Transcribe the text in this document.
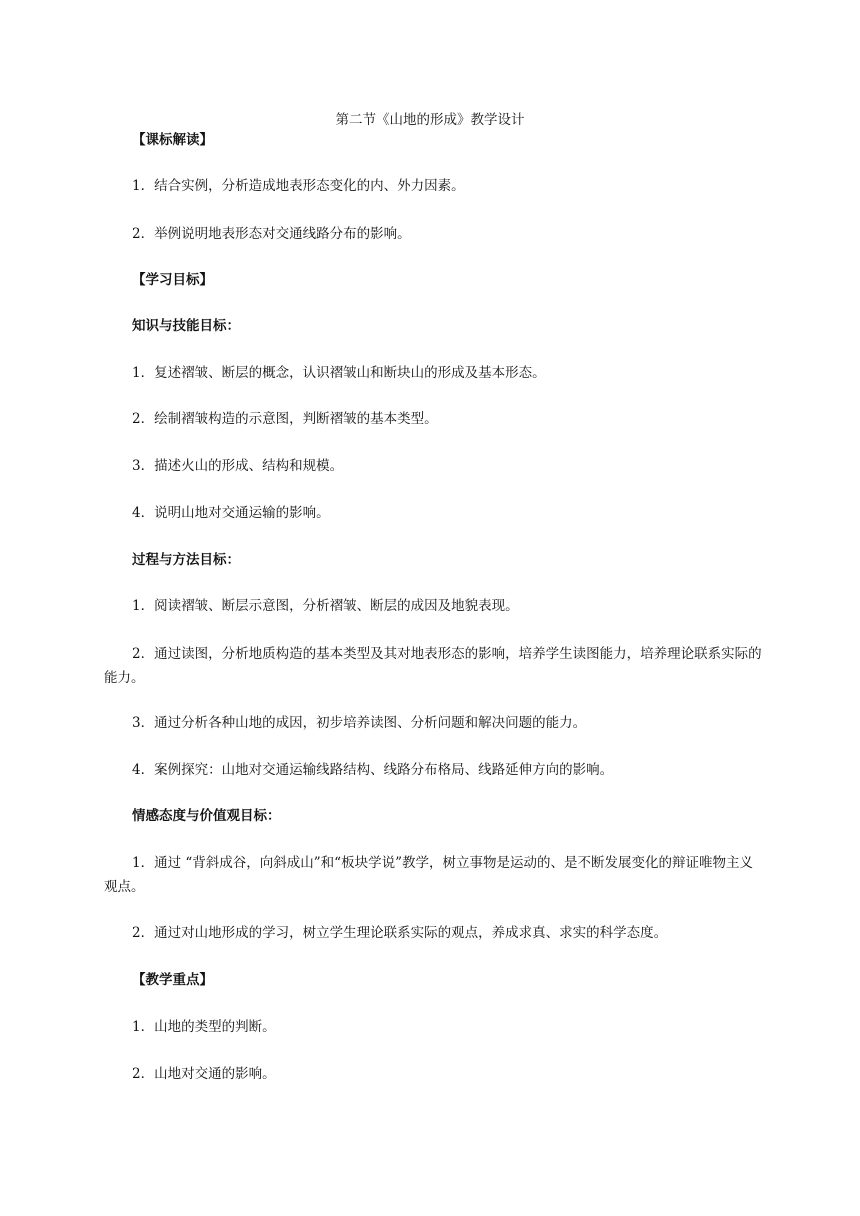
第二节《山地的形成》教学设计
【课标解读】
1．结合实例，分析造成地表形态变化的内、外力因素。
2．举例说明地表形态对交通线路分布的影响。
【学习目标】
知识与技能目标：
1．复述褶皱、断层的概念，认识褶皱山和断块山的形成及基本形态。
2．绘制褶皱构造的示意图，判断褶皱的基本类型。
3．描述火山的形成、结构和规模。
4．说明山地对交通运输的影响。
过程与方法目标：
1．阅读褶皱、断层示意图，分析褶皱、断层的成因及地貌表现。
2．通过读图，分析地质构造的基本类型及其对地表形态的影响，培养学生读图能力，培养理论联系实际的能力。
3．通过分析各种山地的成因，初步培养读图、分析问题和解决问题的能力。
4．案例探究：山地对交通运输线路结构、线路分布格局、线路延伸方向的影响。
情感态度与价值观目标：
1．通过 “背斜成谷，向斜成山”和“板块学说”教学，树立事物是运动的、是不断发展变化的辩证唯物主义观点。
2．通过对山地形成的学习，树立学生理论联系实际的观点，养成求真、求实的科学态度。
【教学重点】
1．山地的类型的判断。
2．山地对交通的影响。
